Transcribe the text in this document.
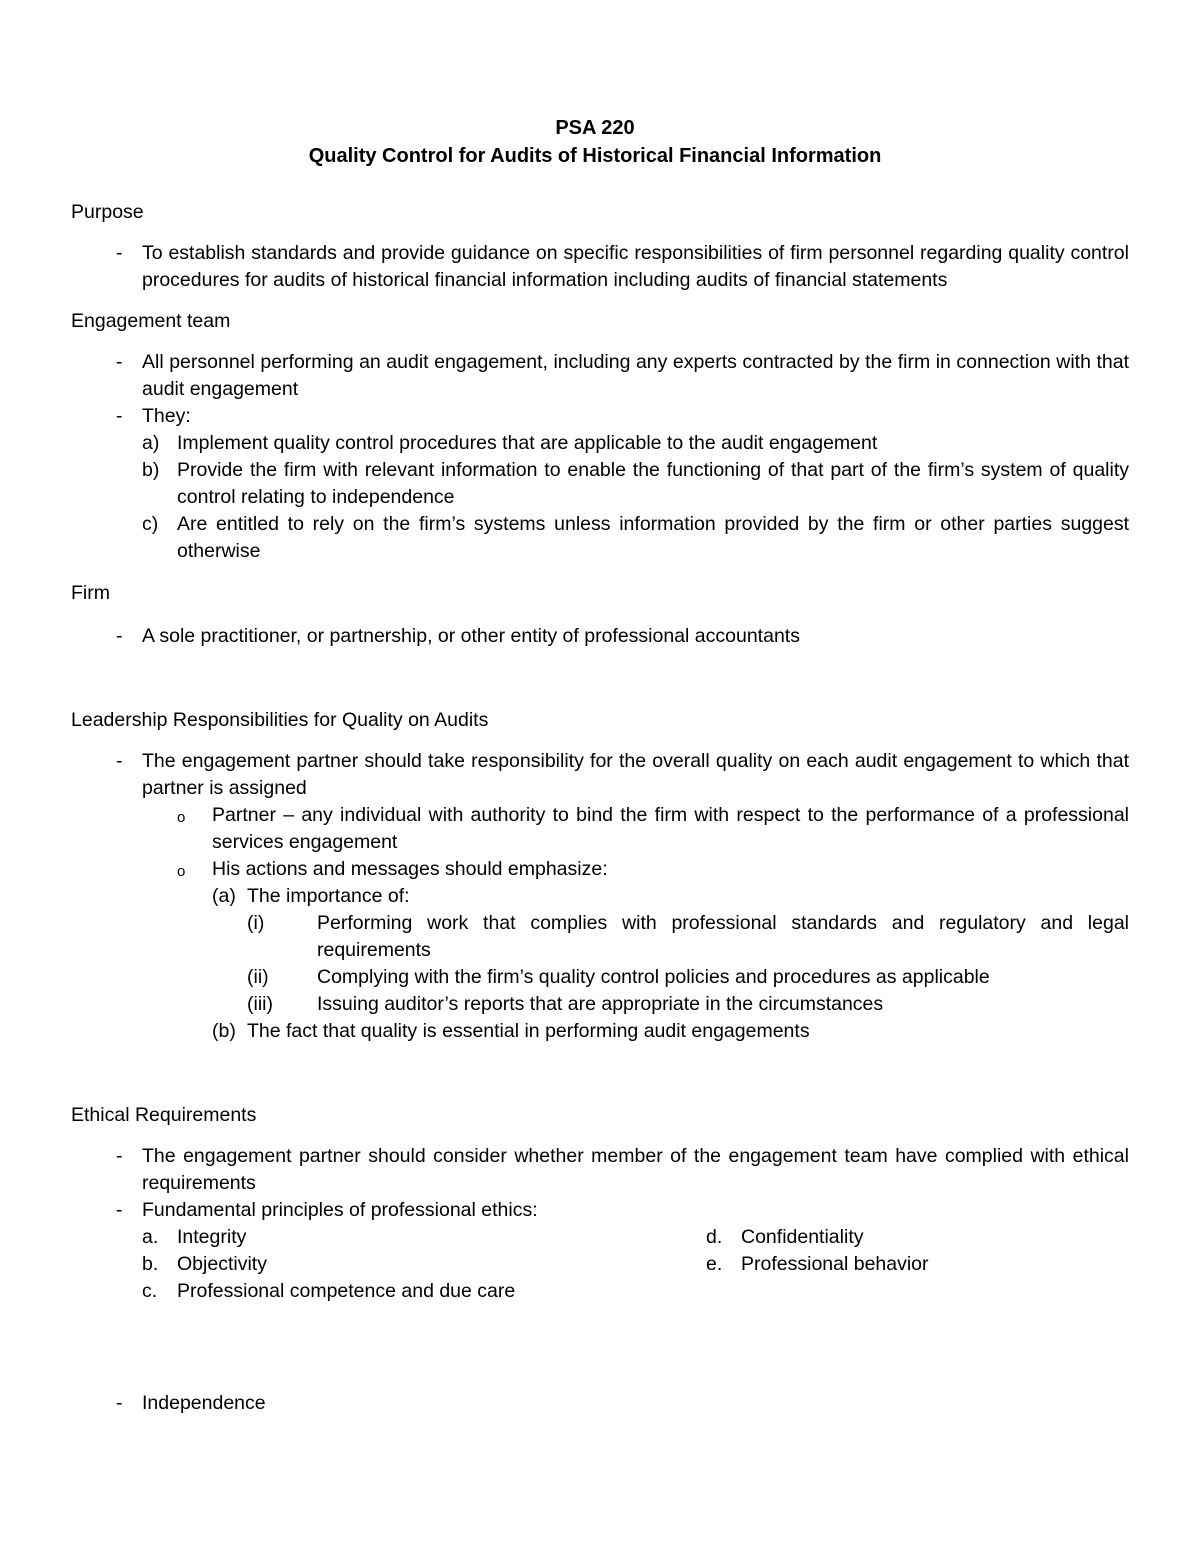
PSA 220
Quality Control for Audits of Historical Financial Information
Purpose
- To establish standards and provide guidance on specific responsibilities of firm personnel regarding quality control procedures for audits of historical financial information including audits of financial statements
Engagement team
- All personnel performing an audit engagement, including any experts contracted by the firm in connection with that audit engagement
- They:
a) Implement quality control procedures that are applicable to the audit engagement
b) Provide the firm with relevant information to enable the functioning of that part of the firm’s system of quality control relating to independence
c) Are entitled to rely on the firm’s systems unless information provided by the firm or other parties suggest otherwise
Firm
- A sole practitioner, or partnership, or other entity of professional accountants
Leadership Responsibilities for Quality on Audits
- The engagement partner should take responsibility for the overall quality on each audit engagement to which that partner is assigned
o Partner – any individual with authority to bind the firm with respect to the performance of a professional services engagement
o His actions and messages should emphasize:
(a) The importance of:
(i)	Performing work that complies with professional standards and regulatory and legal requirements
(ii) Complying with the firm’s quality control policies and procedures as applicable
(iii) Issuing auditor’s reports that are appropriate in the circumstances
(b) The fact that quality is essential in performing audit engagements
Ethical Requirements
- The engagement partner should consider whether member of the engagement team have complied with ethical requirements
- Fundamental principles of professional ethics:
a. Integrity	d. Confidentiality
b. Objectivity	e. Professional behavior
c. Professional competence and due care
- Independence
